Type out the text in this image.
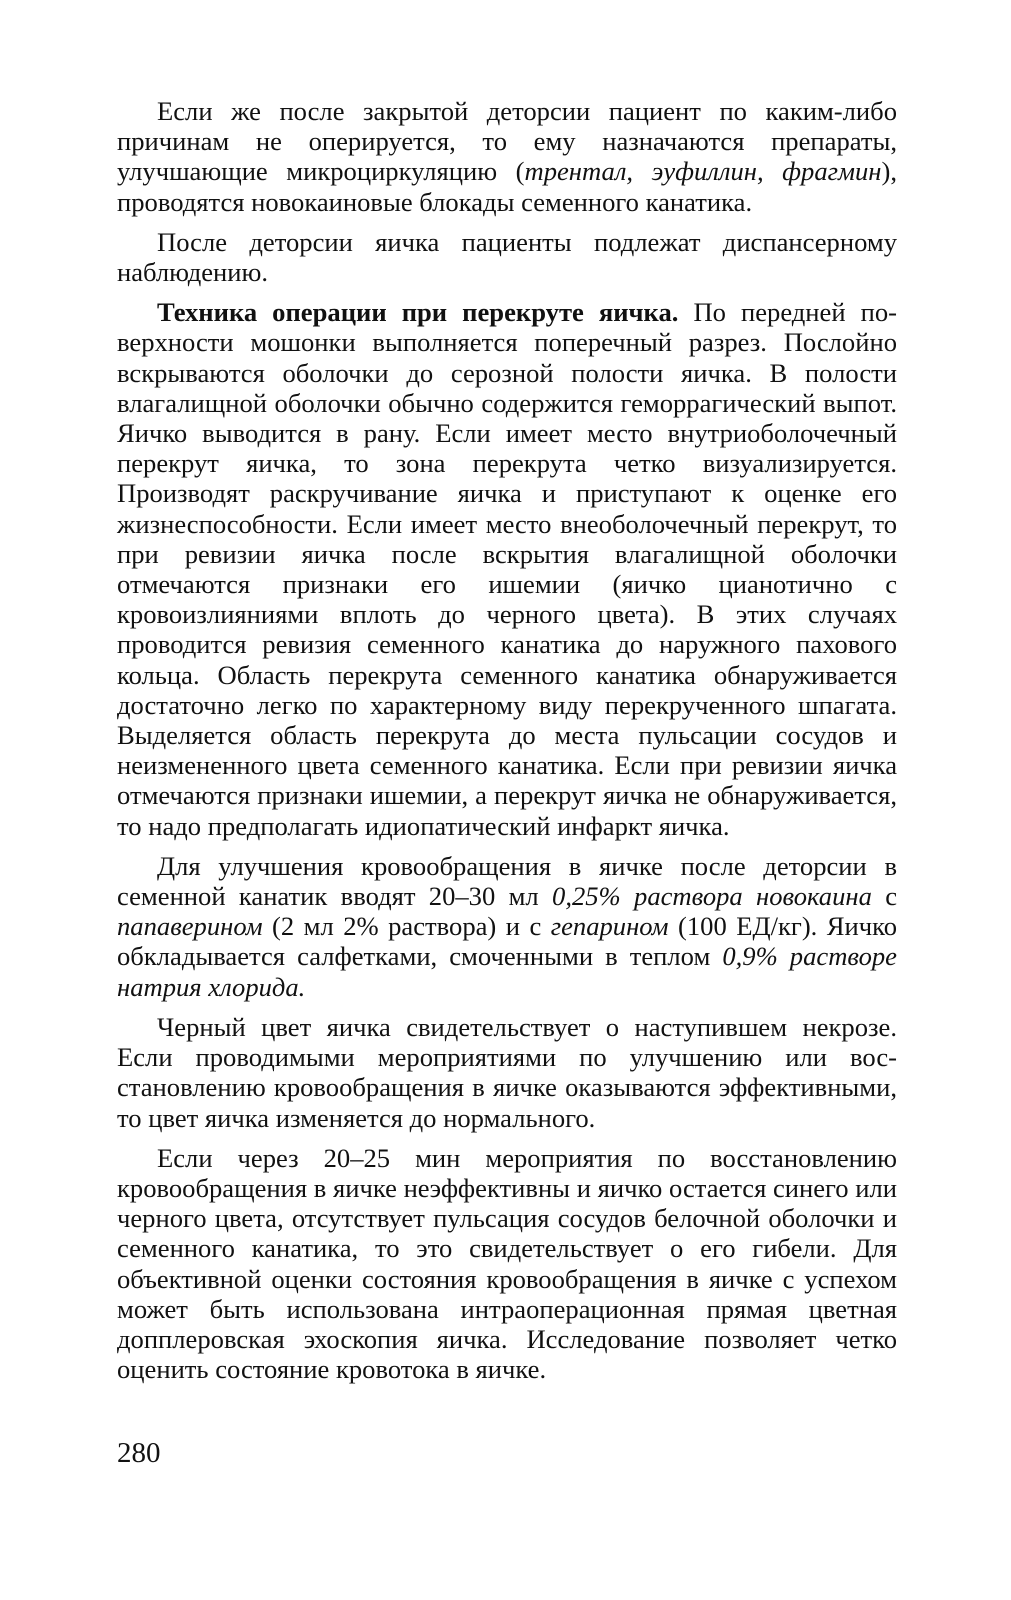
Если же после закрытой деторсии пациент по каким-либо причинам не оперируется, то ему назначаются препараты, улучшающие микроциркуляцию (трентал, эуфиллин, фрагмин), проводятся новокаиновые блокады семенного канатика.

После деторсии яичка пациенты подлежат диспансерному наблюдению.

Техника операции при перекруте яичка. По передней поверхности мошонки выполняется поперечный разрез. Послойно вскрываются оболочки до серозной полости яичка. В полости влагалищной оболочки обычно содержится геморрагический выпот. Яичко выводится в рану. Если имеет место внутриоболочечный перекрут яичка, то зона перекрута четко визуализируется. Производят раскручивание яичка и приступают к оценке его жизнеспособности. Если имеет место внеоболочечный перекрут, то при ревизии яичка после вскрытия влагалищной оболочки отмечаются признаки его ишемии (яичко цианотично с кровоизлияниями вплоть до черного цвета). В этих случаях проводится ревизия семенного канатика до наружного пахового кольца. Область перекрута семенного канатика обнаруживается достаточно легко по характерному виду перекрученного шпагата. Выделяется область перекрута до места пульсации сосудов и неизмененного цвета семенного канатика. Если при ревизии яичка отмечаются признаки ишемии, а перекрут яичка не обнаруживается, то надо предполагать идиопатический инфаркт яичка.

Для улучшения кровообращения в яичке после деторсии в семенной канатик вводят 20–30 мл 0,25% раствора новокаина с папаверином (2 мл 2% раствора) и с гепарином (100 ЕД/кг). Яичко обкладывается салфетками, смоченными в теплом 0,9% растворе натрия хлорида.

Черный цвет яичка свидетельствует о наступившем некрозе. Если проводимыми мероприятиями по улучшению или восстановлению кровообращения в яичке оказываются эффективными, то цвет яичка изменяется до нормального.

Если через 20–25 мин мероприятия по восстановлению кровообращения в яичке неэффективны и яичко остается синего или черного цвета, отсутствует пульсация сосудов белочной оболочки и семенного канатика, то это свидетельствует о его гибели. Для объективной оценки состояния кровообращения в яичке с успехом может быть использована интраоперационная прямая цветная допплеровская эхоскопия яичка. Исследование позволяет четко оценить состояние кровотока в яичке.

280
